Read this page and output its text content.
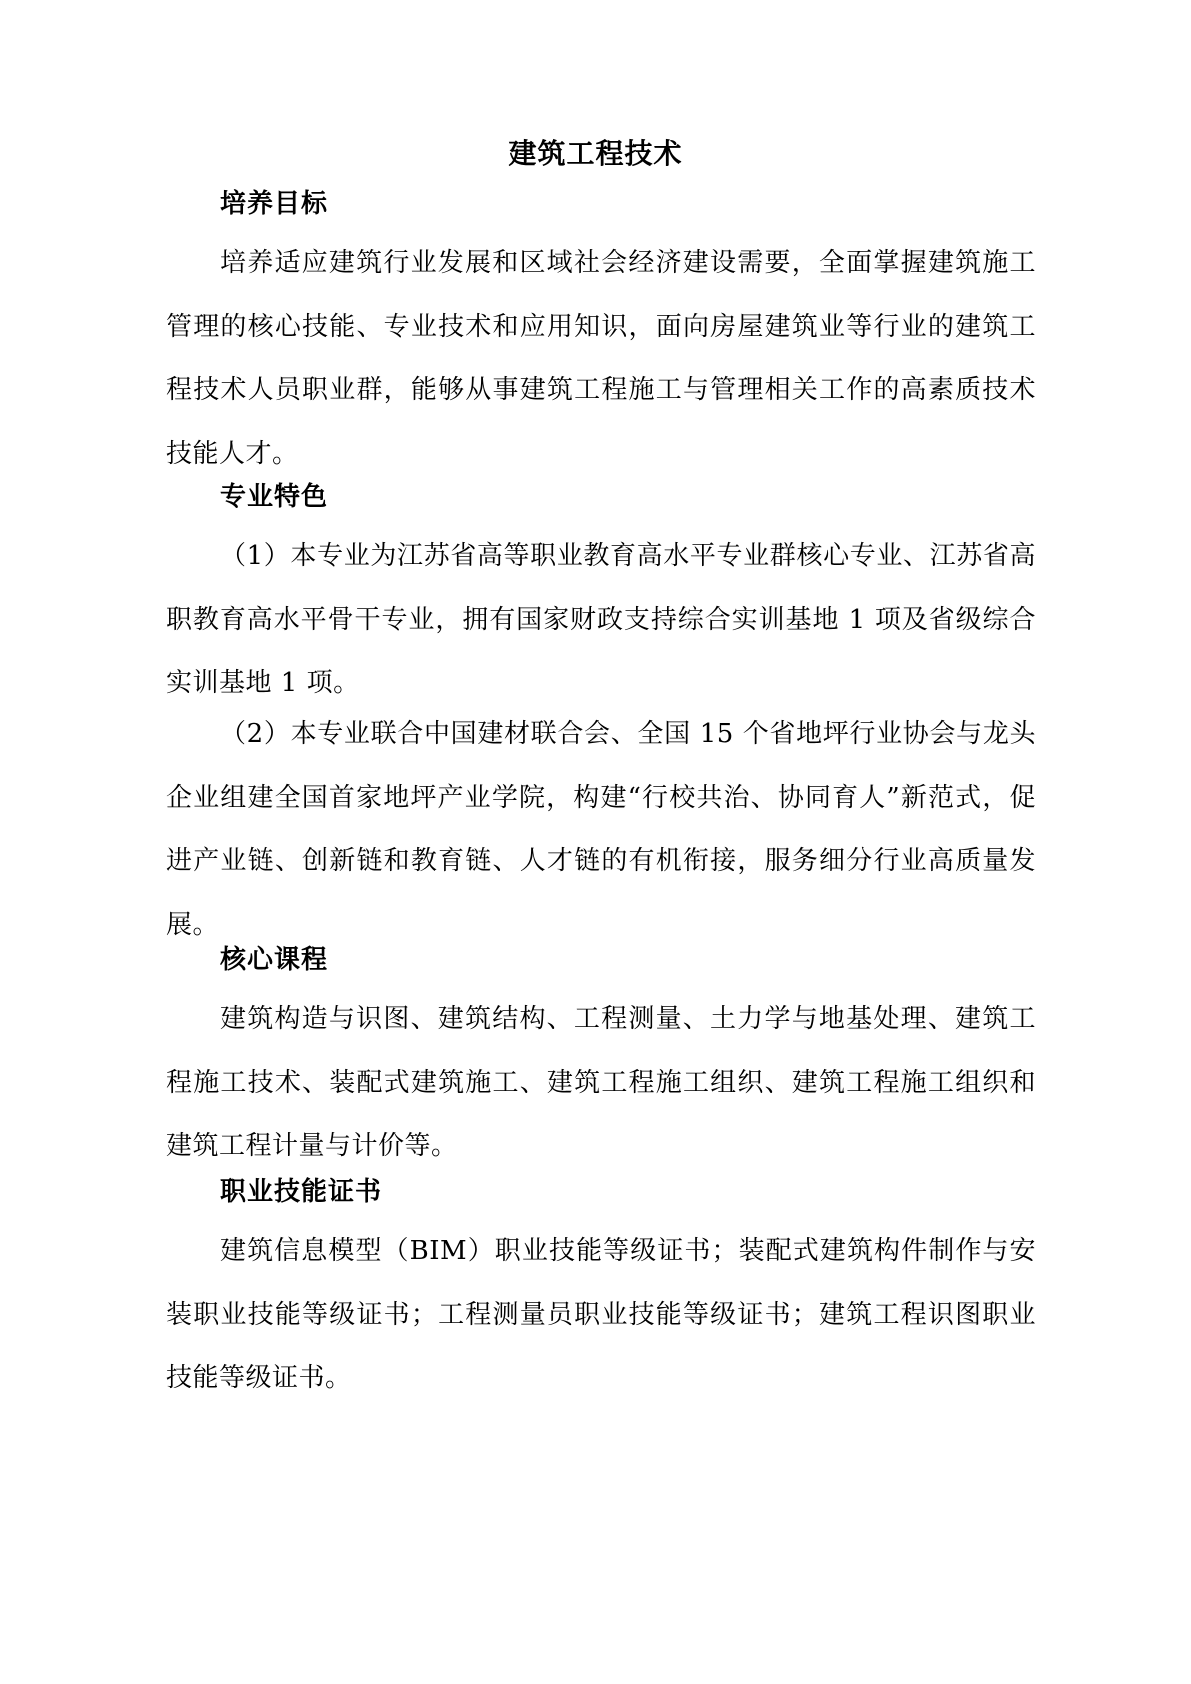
建筑工程技术
培养目标

培养适应建筑行业发展和区域社会经济建设需要，全面掌握建筑施工管理的核心技能、专业技术和应用知识，面向房屋建筑业等行业的建筑工程技术人员职业群，能够从事建筑工程施工与管理相关工作的高素质技术技能人才。

专业特色

（1）本专业为江苏省高等职业教育高水平专业群核心专业、江苏省高职教育高水平骨干专业，拥有国家财政支持综合实训基地 1 项及省级综合实训基地 1 项。

（2）本专业联合中国建材联合会、全国 15 个省地坪行业协会与龙头企业组建全国首家地坪产业学院，构建“行校共治、协同育人”新范式，促进产业链、创新链和教育链、人才链的有机衔接，服务细分行业高质量发展。

核心课程

建筑构造与识图、建筑结构、工程测量、土力学与地基处理、建筑工程施工技术、装配式建筑施工、建筑工程施工组织、建筑工程施工组织和建筑工程计量与计价等。

职业技能证书

建筑信息模型（BIM）职业技能等级证书；装配式建筑构件制作与安装职业技能等级证书；工程测量员职业技能等级证书；建筑工程识图职业技能等级证书。
